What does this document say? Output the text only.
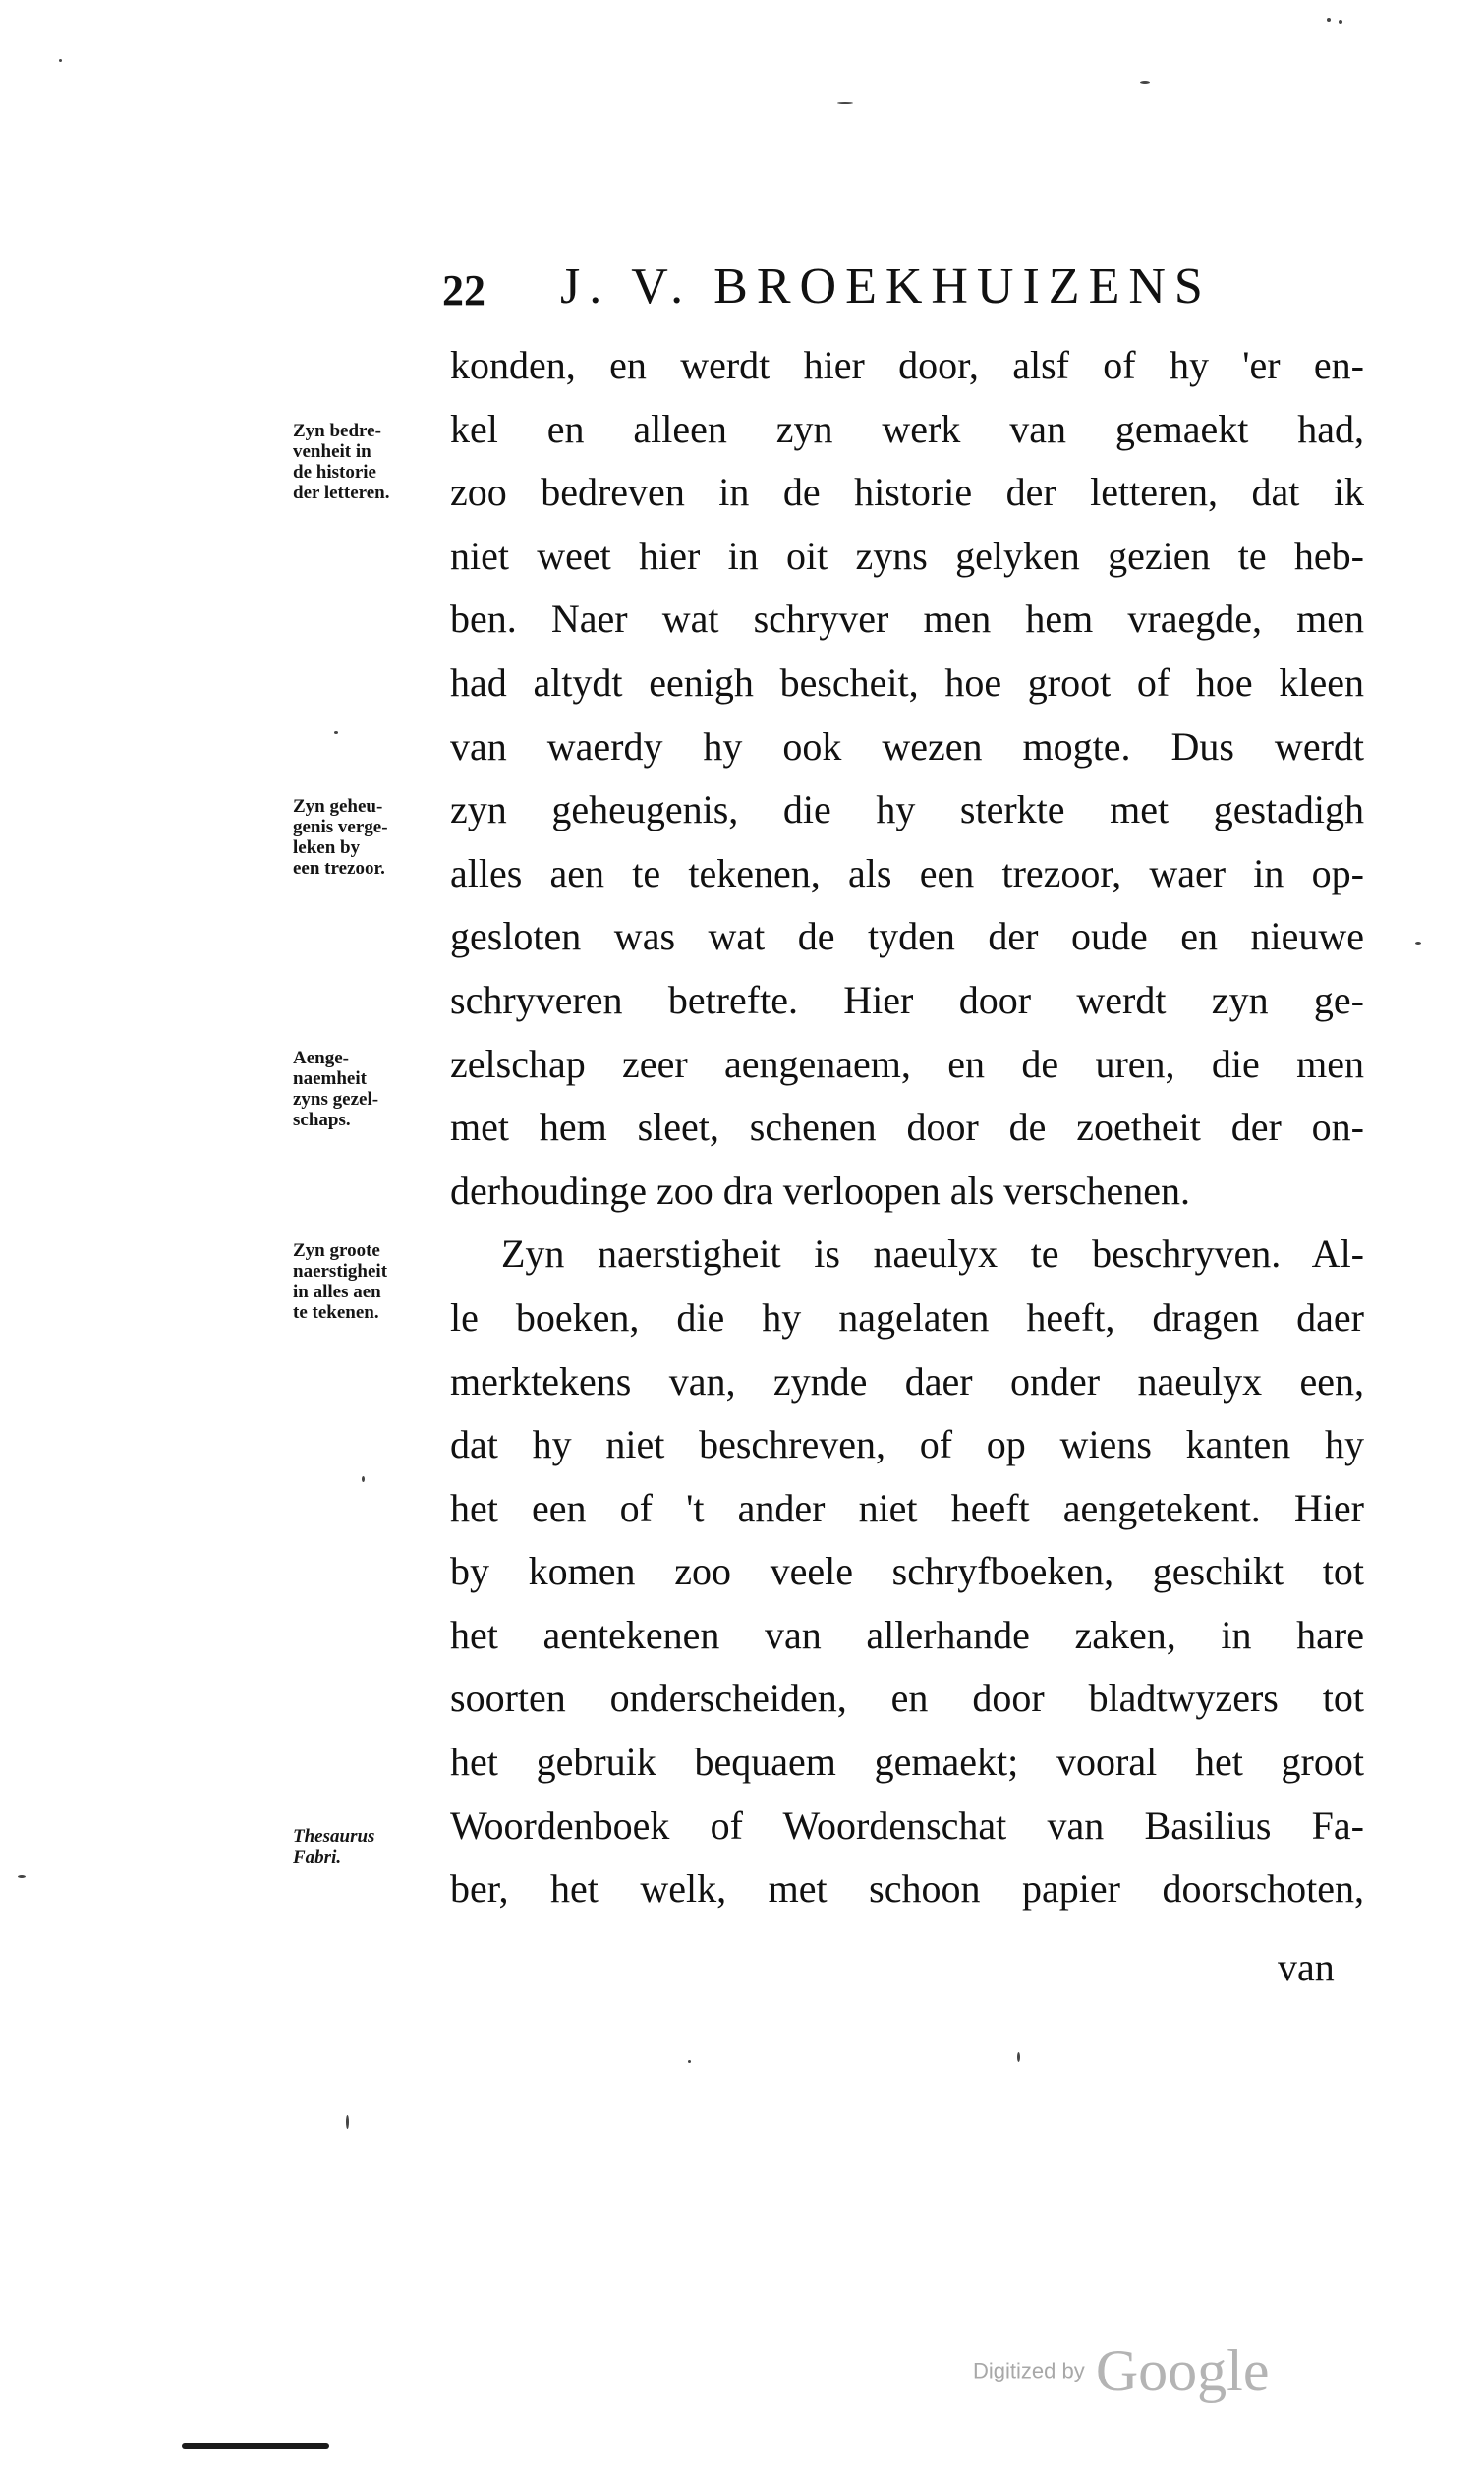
22 J. V. BROEKHUIZENS
konden, en werdt hier door, alsf of hy 'er en-
kel en alleen zyn werk van gemaekt had,
zoo bedreven in de historie der letteren, dat ik
niet weet hier in oit zyns gelyken gezien te heb-
ben. Naer wat schryver men hem vraegde, men
had altydt eenigh bescheit, hoe groot of hoe kleen
van waerdy hy ook wezen mogte. Dus werdt
zyn geheugenis, die hy sterkte met gestadigh
alles aen te tekenen, als een trezoor, waer in op-
gesloten was wat de tyden der oude en nieuwe
schryveren betrefte. Hier door werdt zyn ge-
zelschap zeer aengenaem, en de uren, die men
met hem sleet, schenen door de zoetheit der on-
derhoudinge zoo dra verloopen als verschenen.
Zyn naerstigheit is naeulyx te beschryven. Al-
le boeken, die hy nagelaten heeft, dragen daer
merktekens van, zynde daer onder naeulyx een,
dat hy niet beschreven, of op wiens kanten hy
het een of 't ander niet heeft aengetekent. Hier
by komen zoo veele schryfboeken, geschikt tot
het aentekenen van allerhande zaken, in hare
soorten onderscheiden, en door bladtwyzers tot
het gebruik bequaem gemaekt; vooral het groot
Woordenboek of Woordenschat van Basilius Fa-
ber, het welk, met schoon papier doorschoten,
van
Zyn bedre-
venheit in
de historie
der letteren.
Zyn geheu-
genis verge-
leken by
een trezoor.
Aenge-
naemheit
zyns gezel-
schaps.
Zyn groote
naerstigheit
in alles aen
te tekenen.
Thesaurus
Fabri.
Digitized by Google
